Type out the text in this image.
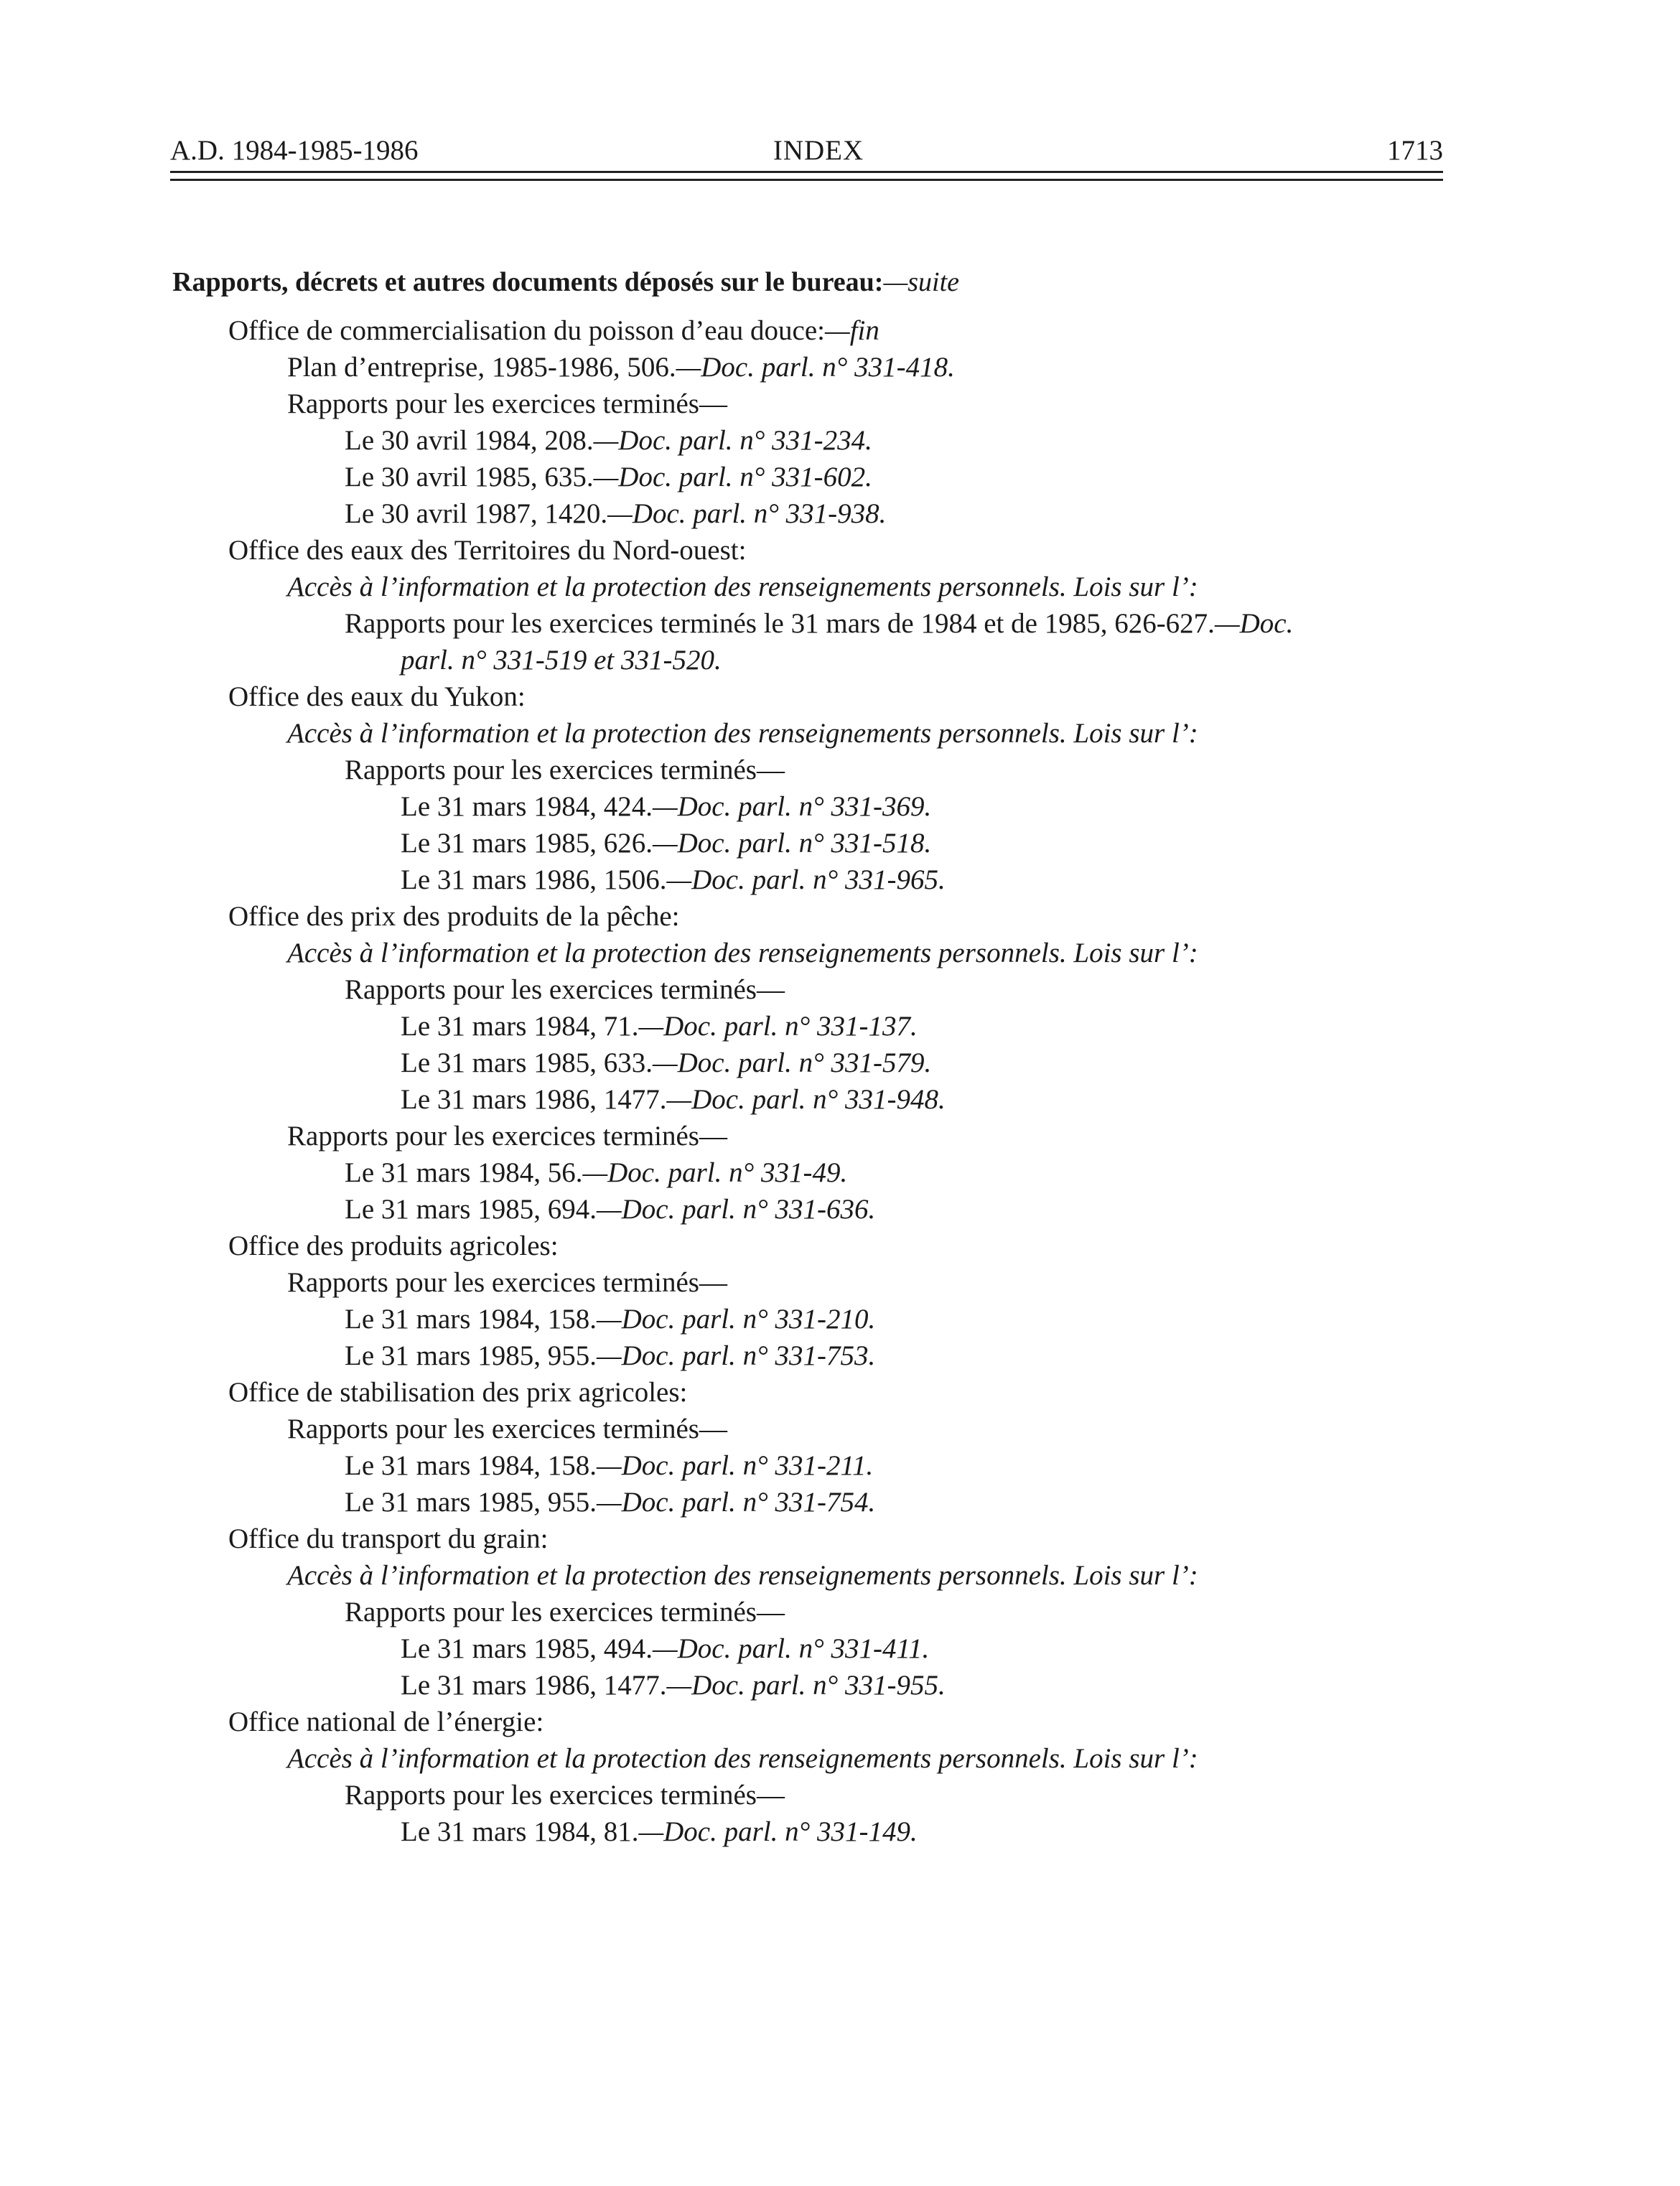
A.D. 1984-1985-1986	INDEX	1713
Rapports, décrets et autres documents déposés sur le bureau:—suite
Office de commercialisation du poisson d’eau douce:—fin
Plan d’entreprise, 1985-1986, 506.—Doc. parl. n° 331-418.
Rapports pour les exercices terminés—
Le 30 avril 1984, 208.—Doc. parl. n° 331-234.
Le 30 avril 1985, 635.—Doc. parl. n° 331-602.
Le 30 avril 1987, 1420.—Doc. parl. n° 331-938.
Office des eaux des Territoires du Nord-ouest:
Accès à l’information et la protection des renseignements personnels. Lois sur l’:
Rapports pour les exercices terminés le 31 mars de 1984 et de 1985, 626-627.—Doc.
parl. n° 331-519 et 331-520.
Office des eaux du Yukon:
Accès à l’information et la protection des renseignements personnels. Lois sur l’:
Rapports pour les exercices terminés—
Le 31 mars 1984, 424.—Doc. parl. n° 331-369.
Le 31 mars 1985, 626.—Doc. parl. n° 331-518.
Le 31 mars 1986, 1506.—Doc. parl. n° 331-965.
Office des prix des produits de la pêche:
Accès à l’information et la protection des renseignements personnels. Lois sur l’:
Rapports pour les exercices terminés—
Le 31 mars 1984, 71.—Doc. parl. n° 331-137.
Le 31 mars 1985, 633.—Doc. parl. n° 331-579.
Le 31 mars 1986, 1477.—Doc. parl. n° 331-948.
Rapports pour les exercices terminés—
Le 31 mars 1984, 56.—Doc. parl. n° 331-49.
Le 31 mars 1985, 694.—Doc. parl. n° 331-636.
Office des produits agricoles:
Rapports pour les exercices terminés—
Le 31 mars 1984, 158.—Doc. parl. n° 331-210.
Le 31 mars 1985, 955.—Doc. parl. n° 331-753.
Office de stabilisation des prix agricoles:
Rapports pour les exercices terminés—
Le 31 mars 1984, 158.—Doc. parl. n° 331-211.
Le 31 mars 1985, 955.—Doc. parl. n° 331-754.
Office du transport du grain:
Accès à l’information et la protection des renseignements personnels. Lois sur l’:
Rapports pour les exercices terminés—
Le 31 mars 1985, 494.—Doc. parl. n° 331-411.
Le 31 mars 1986, 1477.—Doc. parl. n° 331-955.
Office national de l’énergie:
Accès à l’information et la protection des renseignements personnels. Lois sur l’:
Rapports pour les exercices terminés—
Le 31 mars 1984, 81.—Doc. parl. n° 331-149.
